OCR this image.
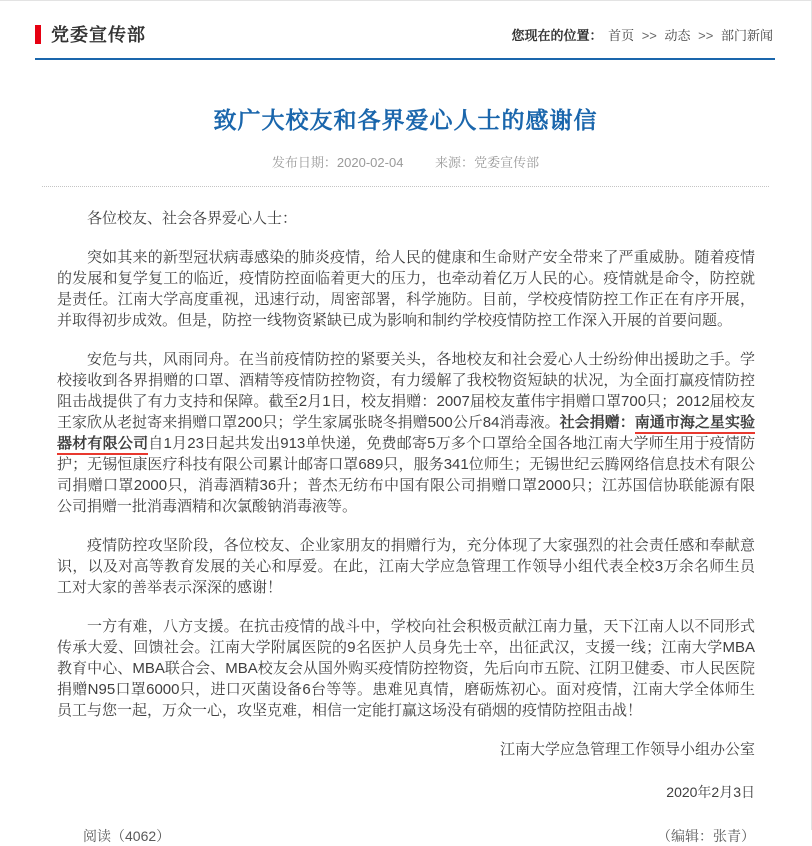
党委宣传部	您现在的位置： 首页 >> 动态 >> 部门新闻
致广大校友和各界爱心人士的感谢信
发布日期：2020-02-04 来源：党委宣传部

各位校友、社会各界爱心人士：

突如其来的新型冠状病毒感染的肺炎疫情，给人民的健康和生命财产安全带来了严重威胁。随着疫情的发展和复学复工的临近，疫情防控面临着更大的压力，也牵动着亿万人民的心。疫情就是命令，防控就是责任。江南大学高度重视，迅速行动，周密部署，科学施防。目前，学校疫情防控工作正在有序开展，并取得初步成效。但是，防控一线物资紧缺已成为影响和制约学校疫情防控工作深入开展的首要问题。

安危与共，风雨同舟。在当前疫情防控的紧要关头，各地校友和社会爱心人士纷纷伸出援助之手。学校接收到各界捐赠的口罩、酒精等疫情防控物资，有力缓解了我校物资短缺的状况，为全面打赢疫情防控阻击战提供了有力支持和保障。截至2月1日，校友捐赠：2007届校友董伟宇捐赠口罩700只；2012届校友王家欣从老挝寄来捐赠口罩200只；学生家属张晓冬捐赠500公斤84消毒液。社会捐赠：南通市海之星实验器材有限公司自1月23日起共发出913单快递，免费邮寄5万多个口罩给全国各地江南大学师生用于疫情防护；无锡恒康医疗科技有限公司累计邮寄口罩689只，服务341位师生；无锡世纪云腾网络信息技术有限公司捐赠口罩2000只，消毒酒精36升；普杰无纺布中国有限公司捐赠口罩2000只；江苏国信协联能源有限公司捐赠一批消毒酒精和次氯酸钠消毒液等。

疫情防控攻坚阶段，各位校友、企业家朋友的捐赠行为，充分体现了大家强烈的社会责任感和奉献意识，以及对高等教育发展的关心和厚爱。在此，江南大学应急管理工作领导小组代表全校3万余名师生员工对大家的善举表示深深的感谢！

一方有难，八方支援。在抗击疫情的战斗中，学校向社会积极贡献江南力量，天下江南人以不同形式传承大爱、回馈社会。江南大学附属医院的9名医护人员身先士卒，出征武汉，支援一线；江南大学MBA教育中心、MBA联合会、MBA校友会从国外购买疫情防控物资，先后向市五院、江阴卫健委、市人民医院捐赠N95口罩6000只，进口灭菌设备6台等等。患难见真情，磨砺炼初心。面对疫情，江南大学全体师生员工与您一起，万众一心，攻坚克难，相信一定能打赢这场没有硝烟的疫情防控阻击战！

江南大学应急管理工作领导小组办公室
2020年2月3日
阅读（4062）	（编辑：张青）
